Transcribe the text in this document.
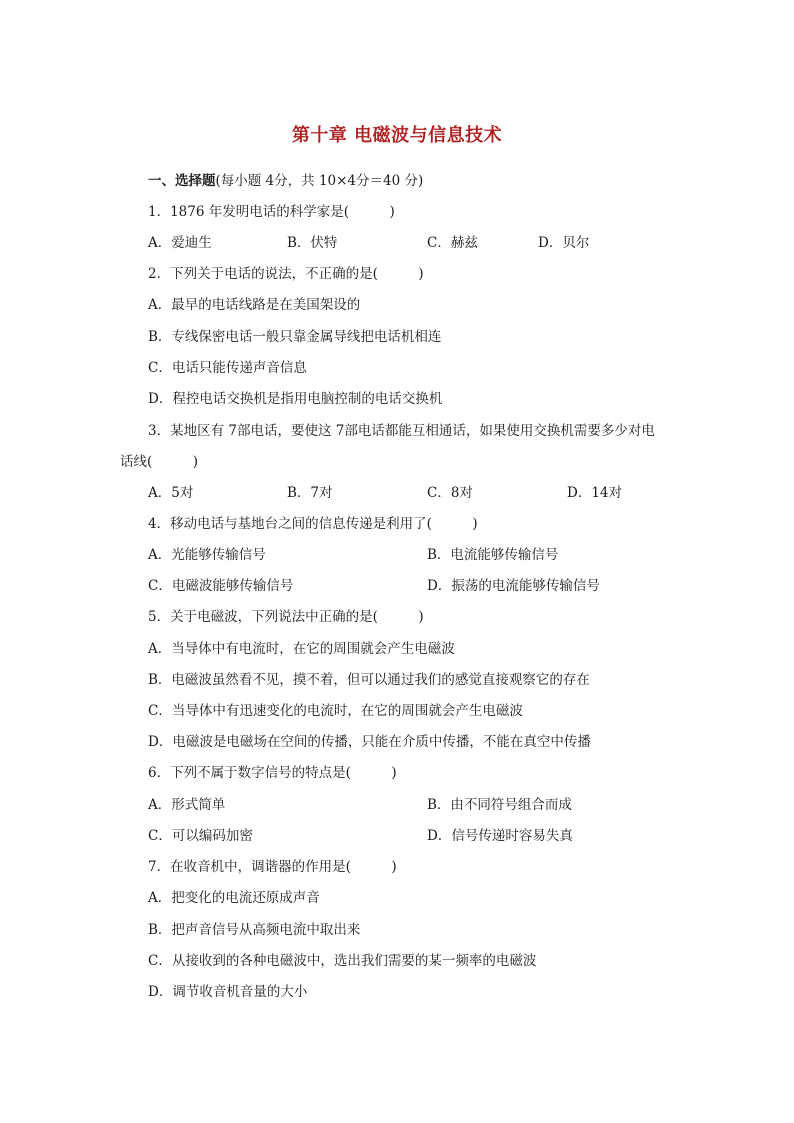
第十章 电磁波与信息技术
一、选择题(每小题 4分，共 10×4分＝40 分)
1．1876 年发明电话的科学家是(　　　)
A．爱迪生	B．伏特	C．赫兹	D．贝尔
2．下列关于电话的说法，不正确的是(　　　)
A．最早的电话线路是在美国架设的
B．专线保密电话一般只靠金属导线把电话机相连
C．电话只能传递声音信息
D．程控电话交换机是指用电脑控制的电话交换机
3．某地区有 7部电话，要使这 7部电话都能互相通话，如果使用交换机需要多少对电
话线(　　　)
A．5对	B．7对	C．8对	D．14对
4．移动电话与基地台之间的信息传递是利用了(　　　)
A．光能够传输信号	B．电流能够传输信号
C．电磁波能够传输信号	D．振荡的电流能够传输信号
5．关于电磁波，下列说法中正确的是(　　　)
A．当导体中有电流时，在它的周围就会产生电磁波
B．电磁波虽然看不见，摸不着，但可以通过我们的感觉直接观察它的存在
C．当导体中有迅速变化的电流时，在它的周围就会产生电磁波
D．电磁波是电磁场在空间的传播，只能在介质中传播，不能在真空中传播
6．下列不属于数字信号的特点是(　　　)
A．形式简单	B．由不同符号组合而成
C．可以编码加密	D．信号传递时容易失真
7．在收音机中，调谐器的作用是(　　　)
A．把变化的电流还原成声音
B．把声音信号从高频电流中取出来
C．从接收到的各种电磁波中，选出我们需要的某一频率的电磁波
D．调节收音机音量的大小
